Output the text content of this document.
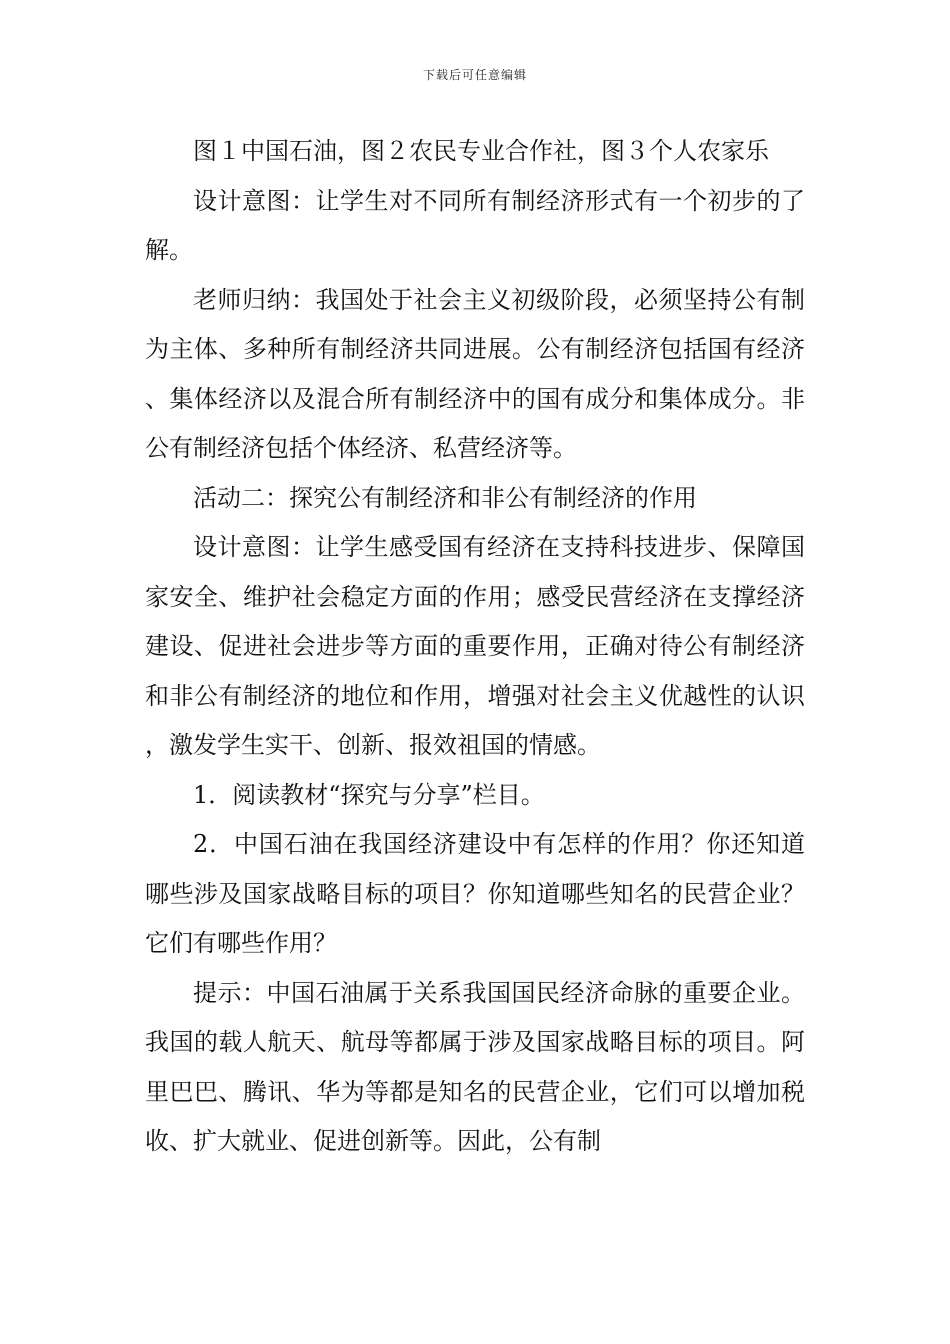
下载后可任意编辑

图１中国石油，图２农民专业合作社，图３个人农家乐

设计意图：让学生对不同所有制经济形式有一个初步的了解。

老师归纳：我国处于社会主义初级阶段，必须坚持公有制为主体、多种所有制经济共同进展。公有制经济包括国有经济、集体经济以及混合所有制经济中的国有成分和集体成分。非公有制经济包括个体经济、私营经济等。

活动二：探究公有制经济和非公有制经济的作用

设计意图：让学生感受国有经济在支持科技进步、保障国家安全、维护社会稳定方面的作用；感受民营经济在支撑经济建设、促进社会进步等方面的重要作用，正确对待公有制经济和非公有制经济的地位和作用，增强对社会主义优越性的认识，激发学生实干、创新、报效祖国的情感。

1．阅读教材“探究与分享”栏目。

2．中国石油在我国经济建设中有怎样的作用？你还知道哪些涉及国家战略目标的项目？你知道哪些知名的民营企业？它们有哪些作用？

提示：中国石油属于关系我国国民经济命脉的重要企业。我国的载人航天、航母等都属于涉及国家战略目标的项目。阿里巴巴、腾讯、华为等都是知名的民营企业，它们可以增加税收、扩大就业、促进创新等。因此，公有制
